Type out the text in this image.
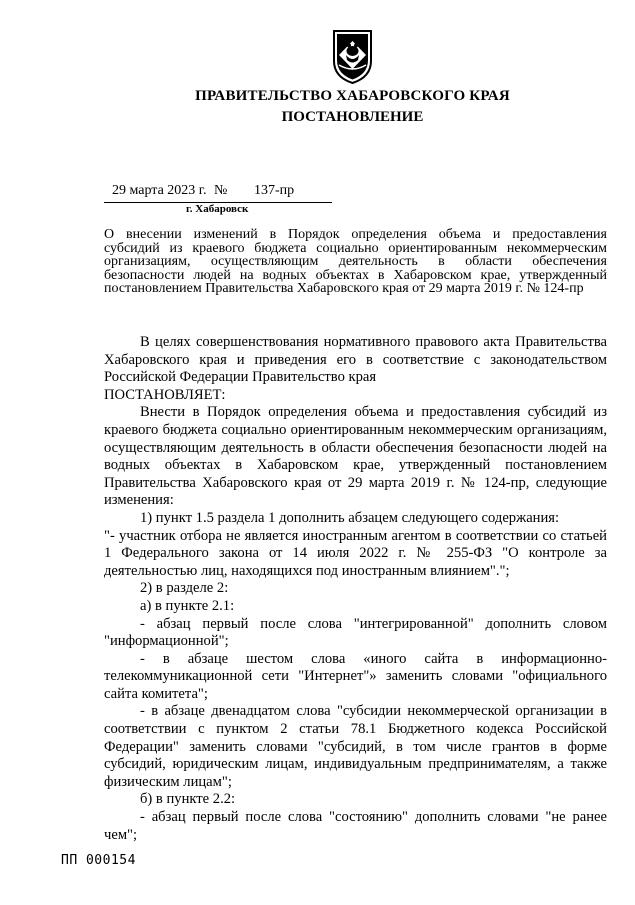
ПРАВИТЕЛЬСТВО ХАБАРОВСКОГО КРАЯ
ПОСТАНОВЛЕНИЕ
29 марта 2023 г. № 137-пр
г. Хабаровск
О внесении изменений в Порядок определения объема и предоставления
субсидий из краевого бюджета социально ориентированным некоммерческим
организациям, осуществляющим деятельность в области обеспечения
безопасности людей на водных объектах в Хабаровском крае, утвержденный
постановлением Правительства Хабаровского края от 29 марта 2019 г. № 124-пр
В целях совершенствования нормативного правового акта Правительства Хабаровского края и приведения его в соответствие с законодательством Российской Федерации Правительство края
ПОСТАНОВЛЯЕТ:
Внести в Порядок определения объема и предоставления субсидий из краевого бюджета социально ориентированным некоммерческим организациям, осуществляющим деятельность в области обеспечения безопасности людей на водных объектах в Хабаровском крае, утвержденный постановлением Правительства Хабаровского края от 29 марта 2019 г. № 124-пр, следующие изменения:
1) пункт 1.5 раздела 1 дополнить абзацем следующего содержания:
"- участник отбора не является иностранным агентом в соответствии со статьей 1 Федерального закона от 14 июля 2022 г. № 255-ФЗ "О контроле за деятельностью лиц, находящихся под иностранным влиянием".";
2) в разделе 2:
а) в пункте 2.1:
- абзац первый после слова "интегрированной" дополнить словом "информационной";
- в абзаце шестом слова «иного сайта в информационно-телекоммуникационной сети "Интернет"» заменить словами "официального сайта комитета";
- в абзаце двенадцатом слова "субсидии некоммерческой организации в соответствии с пунктом 2 статьи 78.1 Бюджетного кодекса Российской Федерации" заменить словами "субсидий, в том числе грантов в форме субсидий, юридическим лицам, индивидуальным предпринимателям, а также физическим лицам";
б) в пункте 2.2:
- абзац первый после слова "состоянию" дополнить словами "не ранее чем";
ПП 000154
